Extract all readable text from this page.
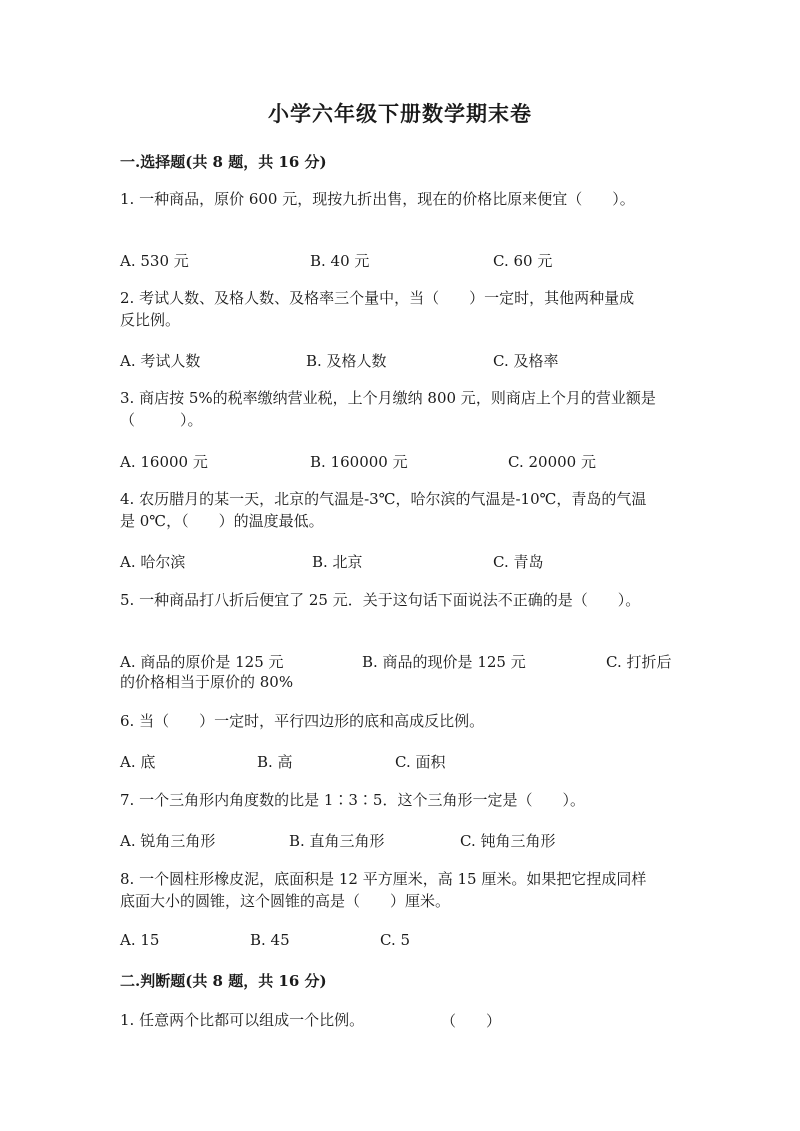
小学六年级下册数学期末卷
一.选择题(共 8 题，共 16 分)
1. 一种商品，原价 600 元，现按九折出售，现在的价格比原来便宜（　　）。
A. 530 元	B. 40 元	C. 60 元
2. 考试人数、及格人数、及格率三个量中，当（　　）一定时，其他两种量成
反比例。
A. 考试人数	B. 及格人数	C. 及格率
3. 商店按 5%的税率缴纳营业税，上个月缴纳 800 元，则商店上个月的营业额是
（　　　）。
A. 16000 元	B. 160000 元	C. 20000 元
4. 农历腊月的某一天，北京的气温是-3℃，哈尔滨的气温是-10℃，青岛的气温
是 0℃，（　　）的温度最低。
A. 哈尔滨	B. 北京	C. 青岛
5. 一种商品打八折后便宜了 25 元．关于这句话下面说法不正确的是（　　）。
A. 商品的原价是 125 元	B. 商品的现价是 125 元	C. 打折后
的价格相当于原价的 80%
6. 当（　　）一定时，平行四边形的底和高成反比例。
A. 底	B. 高	C. 面积
7. 一个三角形内角度数的比是 1∶3∶5．这个三角形一定是（　　）。
A. 锐角三角形	B. 直角三角形	C. 钝角三角形
8. 一个圆柱形橡皮泥，底面积是 12 平方厘米，高 15 厘米。如果把它捏成同样
底面大小的圆锥，这个圆锥的高是（　　）厘米。
A. 15	B. 45	C. 5
二.判断题(共 8 题，共 16 分)
1. 任意两个比都可以组成一个比例。	（　　）
